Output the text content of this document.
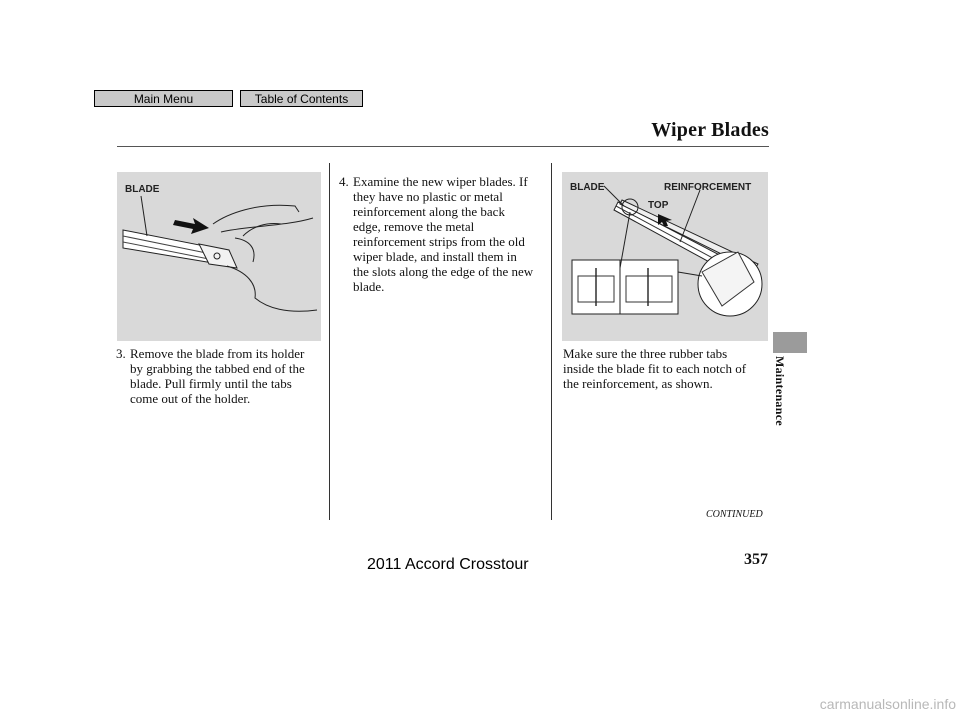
Main Menu	Table of Contents
Wiper Blades
BLADE	BLADE	REINFORCEMENT
TOP
3. Remove the blade from its holder
by grabbing the tabbed end of the
blade. Pull firmly until the tabs
come out of the holder.
4. Examine the new wiper blades. If
they have no plastic or metal
reinforcement along the back
edge, remove the metal
reinforcement strips from the old
wiper blade, and install them in
the slots along the edge of the new
blade.
Make sure the three rubber tabs
inside the blade fit to each notch of
the reinforcement, as shown.	Maintenance
CONTINUED
357
2011 Accord Crosstour
carmanualsonline.info
